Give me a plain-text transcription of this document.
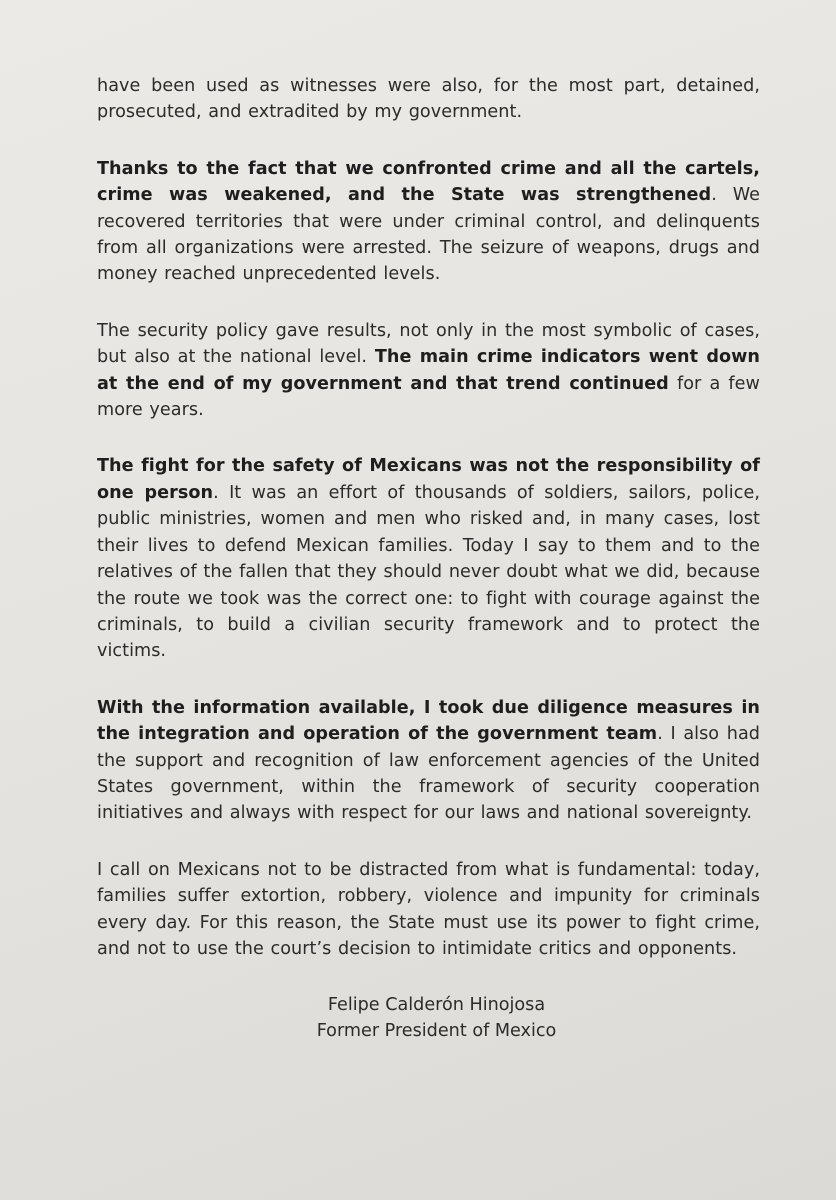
have been used as witnesses were also, for the most part, detained, prosecuted, and extradited by my government.

Thanks to the fact that we confronted crime and all the cartels, crime was weakened, and the State was strengthened. We recovered territories that were under criminal control, and delinquents from all organizations were arrested. The seizure of weapons, drugs and money reached unprecedented levels.

The security policy gave results, not only in the most symbolic of cases, but also at the national level. The main crime indicators went down at the end of my government and that trend continued for a few more years.

The fight for the safety of Mexicans was not the responsibility of one person. It was an effort of thousands of soldiers, sailors, police, public ministries, women and men who risked and, in many cases, lost their lives to defend Mexican families. Today I say to them and to the relatives of the fallen that they should never doubt what we did, because the route we took was the correct one: to fight with courage against the criminals, to build a civilian security framework and to protect the victims.

With the information available, I took due diligence measures in the integration and operation of the government team. I also had the support and recognition of law enforcement agencies of the United States government, within the framework of security cooperation initiatives and always with respect for our laws and national sovereignty.

I call on Mexicans not to be distracted from what is fundamental: today, families suffer extortion, robbery, violence and impunity for criminals every day. For this reason, the State must use its power to fight crime, and not to use the court’s decision to intimidate critics and opponents.

Felipe Calderón Hinojosa
Former President of Mexico
